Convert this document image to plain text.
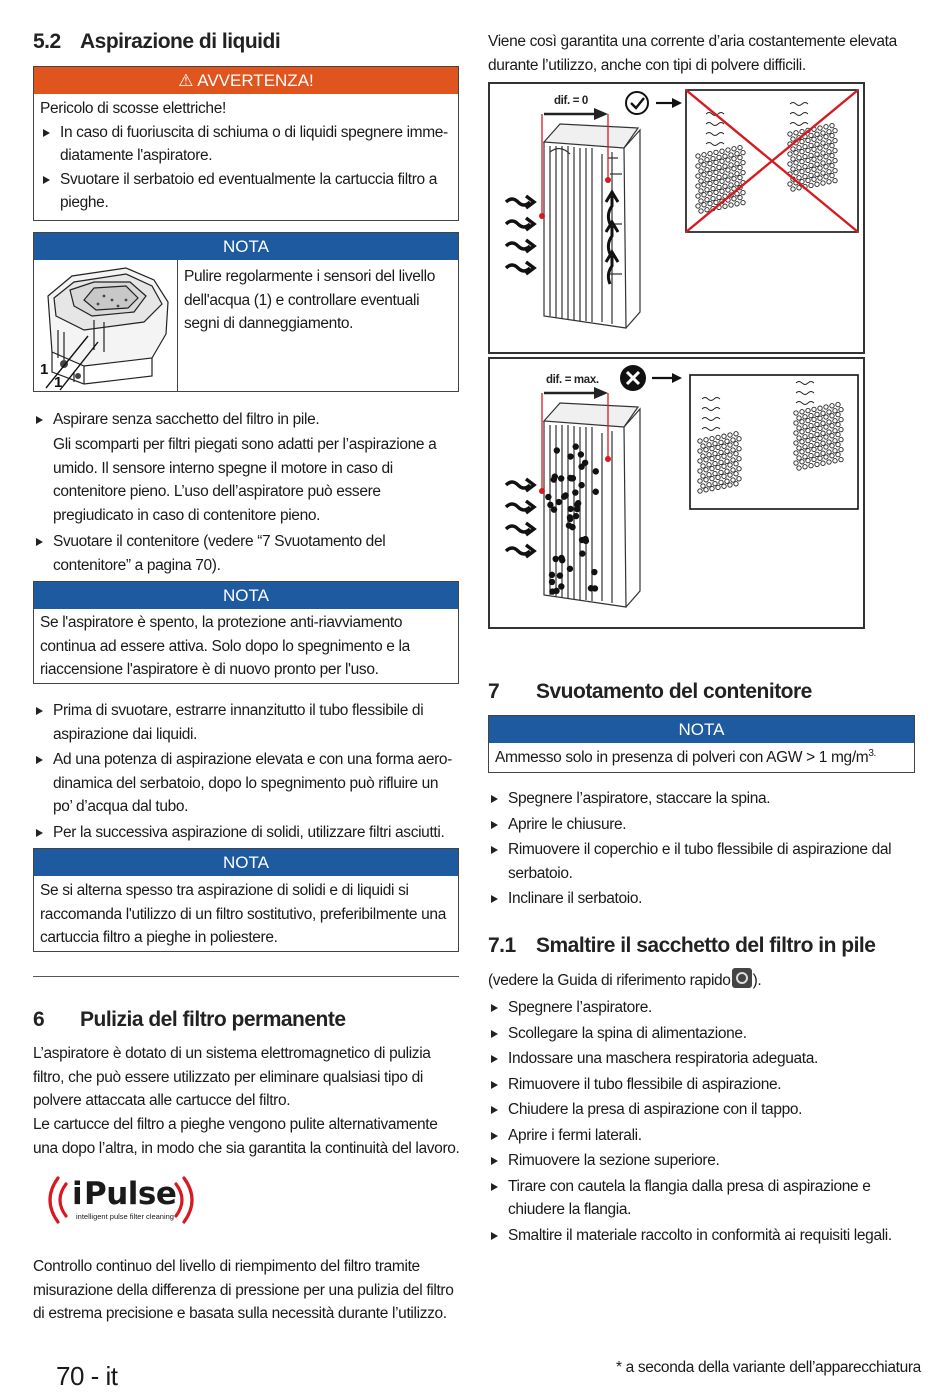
5.2 Aspirazione di liquidi
⚠ AVVERTENZA!

Pericolo di scosse elettriche!

In caso di fuoriuscita di schiuma o di liquidi spegnere imme- diatamente l'aspiratore.
Svuotare il serbatoio ed eventualmente la cartuccia filtro a pieghe.
NOTA
1
1

Pulire regolarmente i sensori del livello dell'acqua (1) e controllare eventuali segni di danneggiamento.

Aspirare senza sacchetto del filtro in pile.

Gli scomparti per filtri piegati sono adatti per l’aspirazione a umido. Il sensore interno spegne il motore in caso di contenitore pieno. L’uso dell’aspiratore può essere pregiudicato in caso di contenitore pieno.

Svuotare il contenitore (vedere “7 Svuotamento del contenitore” a pagina 70).
NOTA

Se l'aspiratore è spento, la protezione anti-riavviamento continua ad essere attiva. Solo dopo lo spegnimento e la riaccensione l'aspiratore è di nuovo pronto per l'uso.

Prima di svuotare, estrarre innanzitutto il tubo flessibile di aspirazione dai liquidi.
Ad una potenza di aspirazione elevata e con una forma aero- dinamica del serbatoio, dopo lo spegnimento può rifluire un po’ d’acqua dal tubo.
Per la successiva aspirazione di solidi, utilizzare filtri asciutti.
NOTA

Se si alterna spesso tra aspirazione di solidi e di liquidi si raccomanda l'utilizzo di un filtro sostitutivo, preferibilmente una cartuccia filtro a pieghe in poliestere.

6 Pulizia del filtro permanente

L’aspiratore è dotato di un sistema elettromagnetico di pulizia filtro, che può essere utilizzato per eliminare qualsiasi tipo di polvere attaccata alle cartucce del filtro.

Le cartucce del filtro a pieghe vengono pulite alternativamente una dopo l’altra, in modo che sia garantita la continuità del lavoro.

i Pulse
intelligent pulse filter cleaning

Controllo continuo del livello di riempimento del filtro tramite misurazione della differenza di pressione per una pulizia del filtro di estrema precisione e basata sulla necessità durante l’utilizzo.

70 - it

Viene così garantita una corrente d’aria costantemente elevata durante l’utilizzo, anche con tipi di polvere difficili.

dif. = 0
dif. = max.
7 Svuotamento del contenitore
NOTA
Ammesso solo in presenza di polveri con AGW > 1 $mg/m^{3.}$
Spegnere l’aspiratore, staccare la spina.
Aprire le chiusure.
Rimuovere il coperchio e il tubo flessibile di aspirazione dal serbatoio.
Inclinare il serbatoio.
7.1 Smaltire il sacchetto del filtro in pile

(vedere la Guida di riferimento rapido ).

Spegnere l’aspiratore.
Scollegare la spina di alimentazione.
Indossare una maschera respiratoria adeguata.
Rimuovere il tubo flessibile di aspirazione.
Chiudere la presa di aspirazione con il tappo.
Aprire i fermi laterali.
Rimuovere la sezione superiore.
Tirare con cautela la flangia dalla presa di aspirazione e chiudere la flangia.
Smaltire il materiale raccolto in conformità ai requisiti legali.
* a seconda della variante dell’apparecchiatura
